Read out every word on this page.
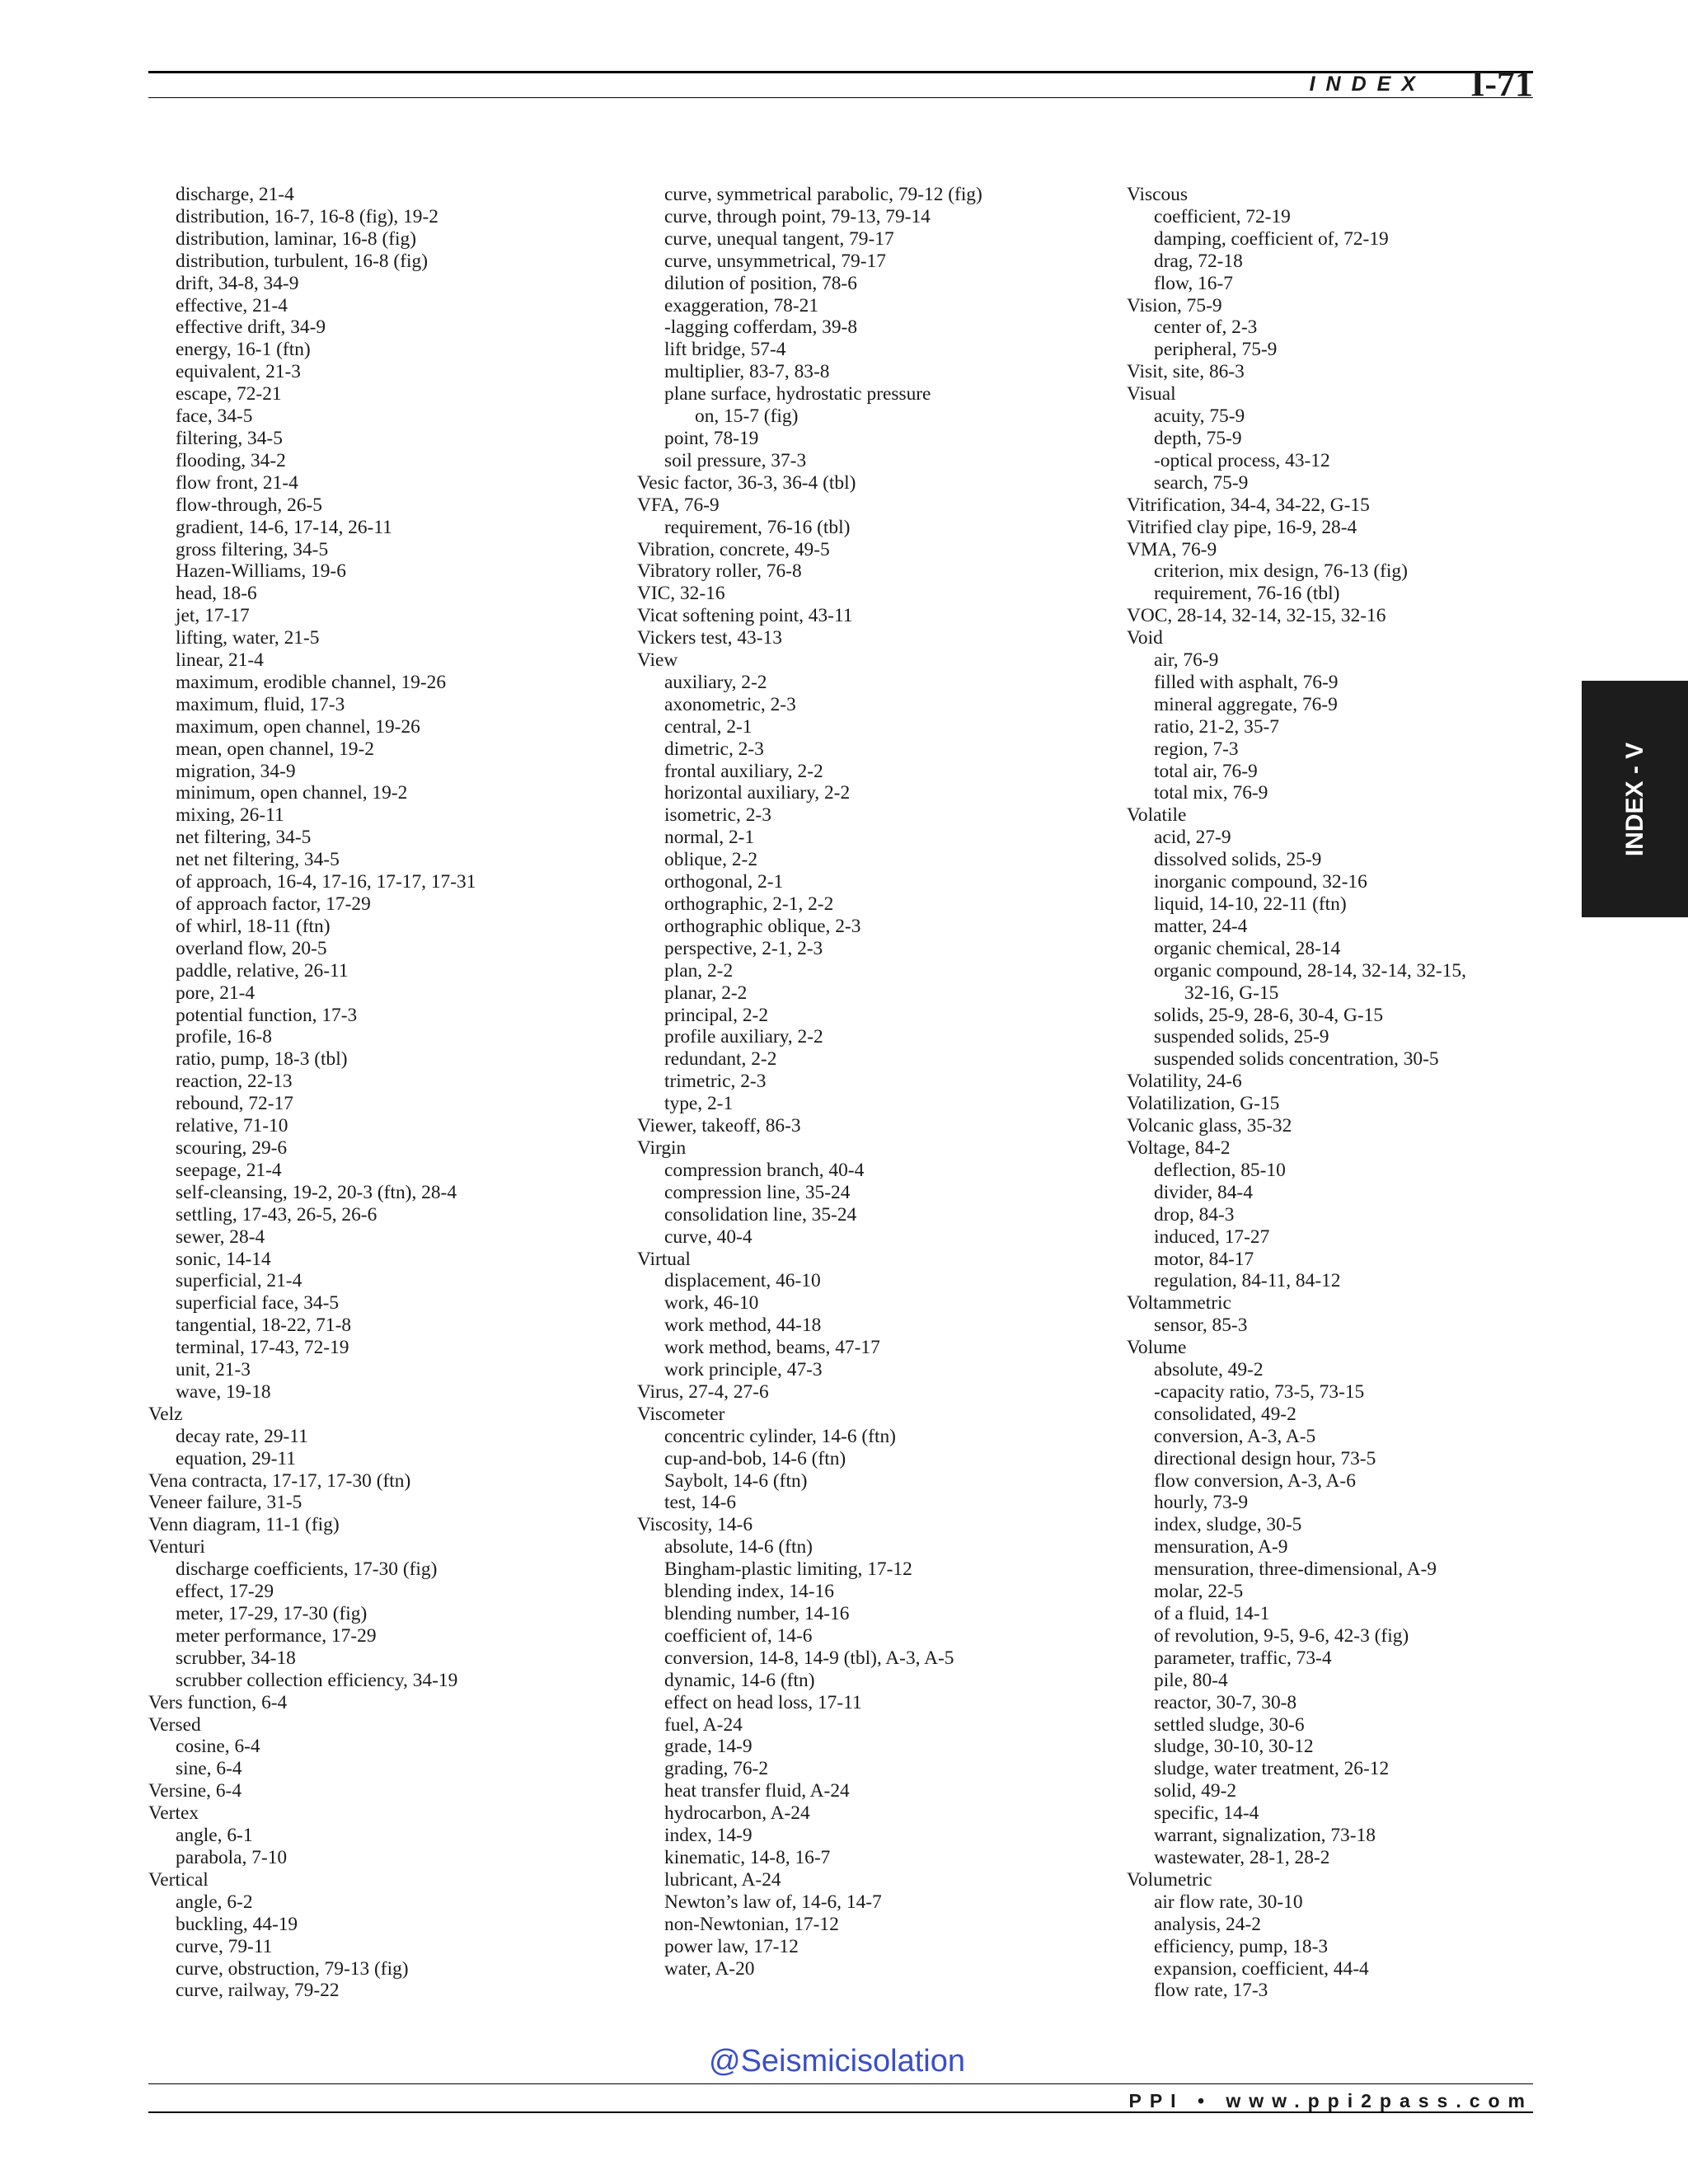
INDEX I-71
discharge, 21-4
distribution, 16-7, 16-8 (fig), 19-2
distribution, laminar, 16-8 (fig)
distribution, turbulent, 16-8 (fig)
drift, 34-8, 34-9
effective, 21-4
effective drift, 34-9
energy, 16-1 (ftn)
equivalent, 21-3
escape, 72-21
face, 34-5
filtering, 34-5
flooding, 34-2
flow front, 21-4
flow-through, 26-5
gradient, 14-6, 17-14, 26-11
gross filtering, 34-5
Hazen-Williams, 19-6
head, 18-6
jet, 17-17
lifting, water, 21-5
linear, 21-4
maximum, erodible channel, 19-26
maximum, fluid, 17-3
maximum, open channel, 19-26
mean, open channel, 19-2
migration, 34-9
minimum, open channel, 19-2
mixing, 26-11
net filtering, 34-5
net net filtering, 34-5
of approach, 16-4, 17-16, 17-17, 17-31
of approach factor, 17-29
of whirl, 18-11 (ftn)
overland flow, 20-5
paddle, relative, 26-11
pore, 21-4
potential function, 17-3
profile, 16-8
ratio, pump, 18-3 (tbl)
reaction, 22-13
rebound, 72-17
relative, 71-10
scouring, 29-6
seepage, 21-4
self-cleansing, 19-2, 20-3 (ftn), 28-4
settling, 17-43, 26-5, 26-6
sewer, 28-4
sonic, 14-14
superficial, 21-4
superficial face, 34-5
tangential, 18-22, 71-8
terminal, 17-43, 72-19
unit, 21-3
wave, 19-18
Velz
decay rate, 29-11
equation, 29-11
Vena contracta, 17-17, 17-30 (ftn)
Veneer failure, 31-5
Venn diagram, 11-1 (fig)
Venturi
discharge coefficients, 17-30 (fig)
effect, 17-29
meter, 17-29, 17-30 (fig)
meter performance, 17-29
scrubber, 34-18
scrubber collection efficiency, 34-19
Vers function, 6-4
Versed
cosine, 6-4
sine, 6-4
Versine, 6-4
Vertex
angle, 6-1
parabola, 7-10
Vertical
angle, 6-2
buckling, 44-19
curve, 79-11
curve, obstruction, 79-13 (fig)
curve, railway, 79-22
curve, symmetrical parabolic, 79-12 (fig)
curve, through point, 79-13, 79-14
curve, unequal tangent, 79-17
curve, unsymmetrical, 79-17
dilution of position, 78-6
exaggeration, 78-21
-lagging cofferdam, 39-8
lift bridge, 57-4
multiplier, 83-7, 83-8
plane surface, hydrostatic pressure
on, 15-7 (fig)
point, 78-19
soil pressure, 37-3
Vesic factor, 36-3, 36-4 (tbl)
VFA, 76-9
requirement, 76-16 (tbl)
Vibration, concrete, 49-5
Vibratory roller, 76-8
VIC, 32-16
Vicat softening point, 43-11
Vickers test, 43-13
View
auxiliary, 2-2
axonometric, 2-3
central, 2-1
dimetric, 2-3
frontal auxiliary, 2-2
horizontal auxiliary, 2-2
isometric, 2-3
normal, 2-1
oblique, 2-2
orthogonal, 2-1
orthographic, 2-1, 2-2
orthographic oblique, 2-3
perspective, 2-1, 2-3
plan, 2-2
planar, 2-2
principal, 2-2
profile auxiliary, 2-2
redundant, 2-2
trimetric, 2-3
type, 2-1
Viewer, takeoff, 86-3
Virgin
compression branch, 40-4
compression line, 35-24
consolidation line, 35-24
curve, 40-4
Virtual
displacement, 46-10
work, 46-10
work method, 44-18
work method, beams, 47-17
work principle, 47-3
Virus, 27-4, 27-6
Viscometer
concentric cylinder, 14-6 (ftn)
cup-and-bob, 14-6 (ftn)
Saybolt, 14-6 (ftn)
test, 14-6
Viscosity, 14-6
absolute, 14-6 (ftn)
Bingham-plastic limiting, 17-12
blending index, 14-16
blending number, 14-16
coefficient of, 14-6
conversion, 14-8, 14-9 (tbl), A-3, A-5
dynamic, 14-6 (ftn)
effect on head loss, 17-11
fuel, A-24
grade, 14-9
grading, 76-2
heat transfer fluid, A-24
hydrocarbon, A-24
index, 14-9
kinematic, 14-8, 16-7
lubricant, A-24
Newton’s law of, 14-6, 14-7
non-Newtonian, 17-12
power law, 17-12
water, A-20
Viscous
coefficient, 72-19
damping, coefficient of, 72-19
drag, 72-18
flow, 16-7
Vision, 75-9
center of, 2-3
peripheral, 75-9
Visit, site, 86-3
Visual
acuity, 75-9
depth, 75-9
-optical process, 43-12
search, 75-9
Vitrification, 34-4, 34-22, G-15
Vitrified clay pipe, 16-9, 28-4
VMA, 76-9
criterion, mix design, 76-13 (fig)
requirement, 76-16 (tbl)
VOC, 28-14, 32-14, 32-15, 32-16
Void
air, 76-9
filled with asphalt, 76-9
mineral aggregate, 76-9
ratio, 21-2, 35-7
region, 7-3
total air, 76-9
total mix, 76-9
Volatile
acid, 27-9
dissolved solids, 25-9
inorganic compound, 32-16
liquid, 14-10, 22-11 (ftn)
matter, 24-4
organic chemical, 28-14
organic compound, 28-14, 32-14, 32-15,
32-16, G-15
solids, 25-9, 28-6, 30-4, G-15
suspended solids, 25-9
suspended solids concentration, 30-5
Volatility, 24-6
Volatilization, G-15
Volcanic glass, 35-32
Voltage, 84-2
deflection, 85-10
divider, 84-4
drop, 84-3
induced, 17-27
motor, 84-17
regulation, 84-11, 84-12
Voltammetric
sensor, 85-3
Volume
absolute, 49-2
-capacity ratio, 73-5, 73-15
consolidated, 49-2
conversion, A-3, A-5
directional design hour, 73-5
flow conversion, A-3, A-6
hourly, 73-9
index, sludge, 30-5
mensuration, A-9
mensuration, three-dimensional, A-9
molar, 22-5
of a fluid, 14-1
of revolution, 9-5, 9-6, 42-3 (fig)
parameter, traffic, 73-4
pile, 80-4
reactor, 30-7, 30-8
settled sludge, 30-6
sludge, 30-10, 30-12
sludge, water treatment, 26-12
solid, 49-2
specific, 14-4
warrant, signalization, 73-18
wastewater, 28-1, 28-2
Volumetric
air flow rate, 30-10
analysis, 24-2
efficiency, pump, 18-3
expansion, coefficient, 44-4
flow rate, 17-3
INDEX - V
@Seismicisolation
PPI • www.ppi2pass.com
